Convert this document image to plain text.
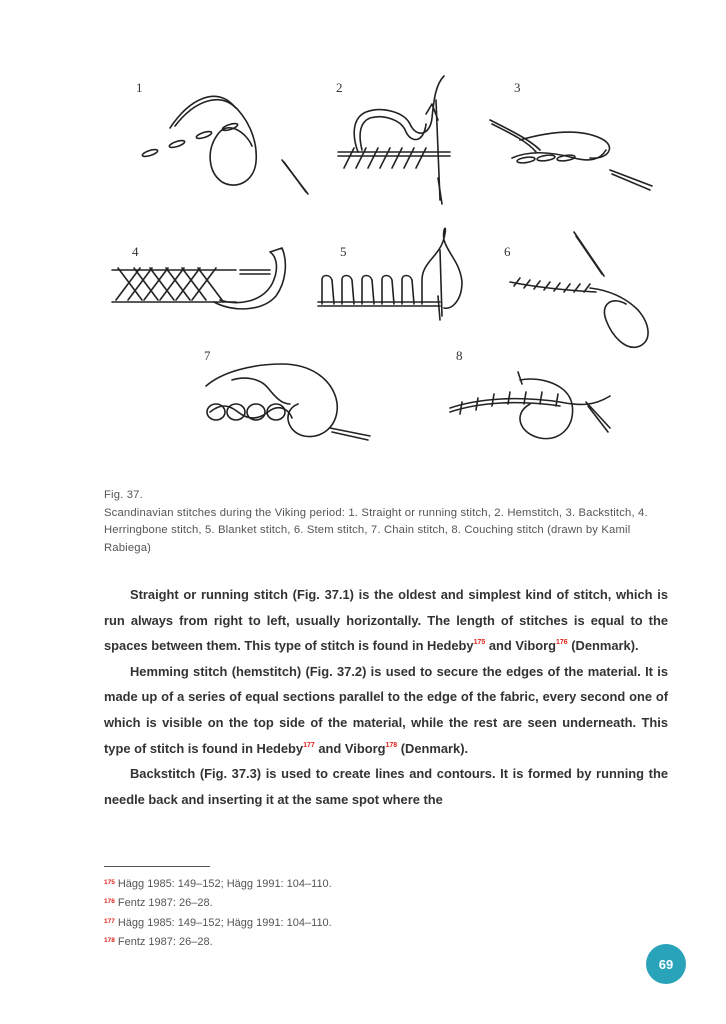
1	2	3
4	5	6
7	8
Fig. 37.
Scandinavian stitches during the Viking period: 1. Straight or running stitch, 2. Hemstitch, 3. Backstitch, 4. Herringbone stitch, 5. Blanket stitch, 6. Stem stitch, 7. Chain stitch, 8. Couching stitch (drawn by Kamil Rabiega)

Straight or running stitch (Fig. 37.1) is the oldest and simplest kind of stitch, which is run always from right to left, usually horizontally. The length of stitches is equal to the spaces between them. This type of stitch is found in Hedeby$^{175}$ and Viborg$^{176}$ (Denmark).

Hemming stitch (hemstitch) (Fig. 37.2) is used to secure the edges of the material. It is made up of a series of equal sections parallel to the edge of the fabric, every second one of which is visible on the top side of the material, while the rest are seen underneath. This type of stitch is found in Hedeby$^{177}$ and Viborg$^{178}$ (Denmark).

Backstitch (Fig. 37.3) is used to create lines and contours. It is formed by running the needle back and inserting it at the same spot where the

$^{175}$ Hägg 1985: 149–152; Hägg 1991: 104–110.
$^{176}$ Fentz 1987: 26–28.
$^{177}$ Hägg 1985: 149–152; Hägg 1991: 104–110.
$^{178}$ Fentz 1987: 26–28.
69
